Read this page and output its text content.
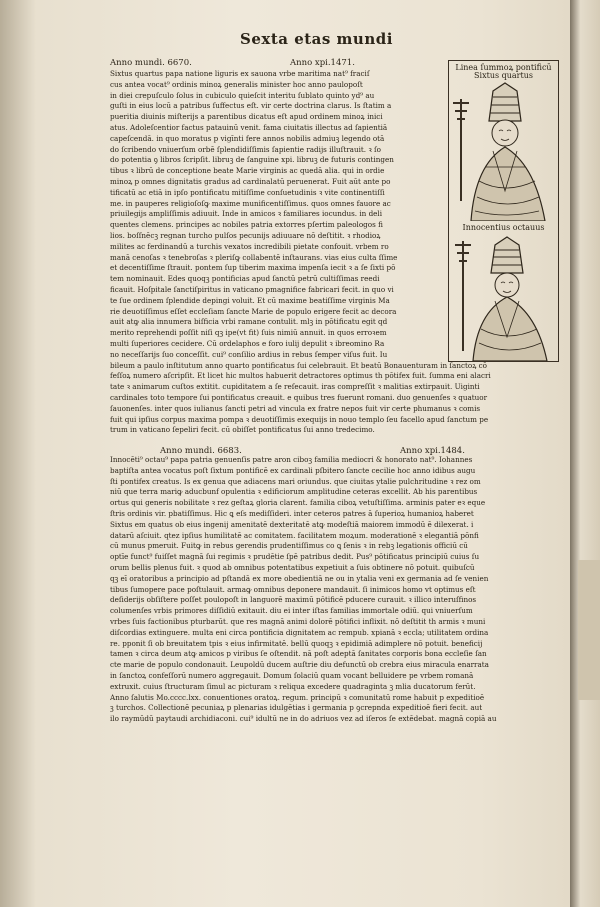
Sexta etas mundi
Anno mundi. 6670.	Anno xpi.1471.
Sixtus quartus papa natione liguris ex sauona vrbe maritima nat⁹ fraciſ
cus antea vocat⁹ ordinis minoꝝ generalis minister hoc anno paulopoſt
in diei crepuſculo ſolus in cubiculo quieſcit interitu ſublato quinto yd⁹ au
guſti in eius locū a patribus ſuffectus eſt. vir certe doctrina clarus. Is ſtatim a
pueritia diuinis miſterijs a parentibus dicatus eſt apud ordinem minoꝝ inici
atus. Adoleſcentior factus patauinū venit. fama ciuitatis illectus ad ſapientiā
capeſcendā. in quo moratus p vigīnti fere annos nobilis admiuꝫ legendo otā
do ſcribendo vniuerſum orbē ſplendidiſſimis ſapientie radijs illuſtrauit. ꝛ ſo
do potentia ꝯ libros ſcripſit. libruꝫ de ſanguine xpi. libruꝫ de futuris contingen
tibus ꝛ librū de conceptione beate Marie virginis ac quedā alia. qui in ordie
minoꝝ p omnes dignitatis gradus ad cardinalatū peruenerat. Fuit aūt ante po
tificatū ac etiā in ipſo pontificatu mitiſſime conſuetudinis ꝛ vite continentiſſi
me. in pauperes religioſoſꝙ maxime munificentiſſimus. quos omnes fauore ac
priuilegijs ampliſſimis adiuuit. Inde in amicos ꝛ familiares iocundus. in deli
quentes clemens. principes ac nobiles patria extorres pſertim paleologos fi
lios. boſſnēcꝫ regnan turcho pulſos pecunijs adiuuare nō deſtitit. ꝛ rhodioꝝ
milites ac ferdinandū a turchis vexatos incredibili pietate confouit. vrbem ro
manā cenoſas ꝛ tenebroſas ꝛ pleriſꝙ collabentē inſtaurans. vias eius culta ſſime
et decentiſſime ſtrauit. pontem ſup tiberim maxima impenſa iecit ꝛ a ſe ſixti pō
tem nominauit. Edes quoqꝫ pontificias apud ſanctū petrū cultiſſimas reedi
ficauit. Hoſpitale ſanctiſpiritus in vaticano pmagnifice fabricari fecit. in quo vi
te ſue ordinem ſplendide depingi voluit. Et cū maxime beatiſſime virginis Ma
rie deuotiſſimus eſſet eccleſiam ſancte Marie de populo erigere fecit ac decora
auit atꝙ alia innumera biſficia vrbi ramane contulit. mlꝫ in pōtificatu egit qd
merito reprehendi poſſit niſi qꝫ ipe(vt fit) ſuis nimiū annuit. in quos erroꝛem
multi ſuperiores cecidere. Cū ordelaphos e foro iulij depulit ꝛ ibreomino Ra
no neceſſarijs ſuo conceſſit. cui⁹ conſilio ardius in rebus ſemper viſus fuit. Iu
bileum a paulo inſtitutum anno quarto pontificatus ſui celebrauit. Et beatū Bonauenturam in ſanctoꝝ cō
feſſoꝝ numero aſcripſit. Et licet hic multos habuerit detractores optimus th pōtifex fuit. ſumma eni alacri
tate ꝛ animarum cuſtos extitit. cupiditatem a ſe reſecauit. iras compreſſit ꝛ malitias extirpauit. Uiginti
cardinales toto tempore ſui pontificatus creauit. e quibus tres fuerunt romani. duo genuenſes ꝛ quatuor
ſauonenſes. inter quos iulianus ſancti petri ad vincula ex fratre nepos fuit vir certe phumanus ꝛ comis
fuit qui ipſius corpus maxima pompa ꝛ deuotiſſimis exequijs in nouo templo ſeu facello apud ſanctum pe
trum in vaticano ſepeliri fecit. cū obiſſet pontificatus ſui anno tredecimo.
Anno mundi. 6683.	Anno xpi.1484.
Innocēti⁹ octau⁹ papa patria genuenſis patre aron ciboꝫ familia mediocri & honorato nat⁹. Iohannes
baptiſta antea vocatus poſt ſixtum pontificē ex cardinali pſbitero ſancte cecilie hoc anno idibus augu
ſti pontifex creatus. Is ex genua que adiacens mari oriundus. que ciuitas ytalie pulchritudine ꝛ rez om
niū que terra mariꝙ aducbunf opulentia ꝛ edificiorum amplitudine ceteras excellit. Ab his parentibus
ortus qui generis nobilitate ꝛ rez geſtaꝝ gloria clarent. familia ciboꝝ vetuſtiſſima. arminis pater eꝛ eque
ſtris ordinis vir. pbatiſſimus. Hic ꝗ eſs mediſſideri. inter ceteros patres ā ſuperioꝝ humanioꝝ haberet
Sixtus em quatus ob eius ingenij amenitatē dexteritatē atꝙ modeſtiā maiorem immodū ē dilexerat. i
datarū aſciuit. qtez ipſius humilitatē ac comitatem. facilitatem moꝝum. moderationē ꝛ elegantiā pōnfi
cū munus pmeruit. Fuitꝙ in rebus gerendis prudentiſſimus co ꝗ ſenis ꝛ in rebꝫ legationis officiū cū
optīe funct⁹ fuiſſet magnā ſui regimis ꝛ prudētie ſpē patribus dedit. Pus⁹ pōtificatus principiū cuius ſu
orum bellis plenus fuit. ꝛ quod ab omnibus potentatibus expetiuit a ſuis obtinere nō potuit. quibuſcū
qꝫ eī oratoribus a principio ad pſtandā ex more obedientiā ne ou in ytalia veni ex germania ad ſe venien
tibus ſumopere pace poſtulauit. armaꝙ omnibus deponere mandauit. ſi inimicos homo vt optimus eſt
deſiderijs obſiſtere poſſet poulopoſt in languorē maximū pōtificē pducere curauit. ꝛ illico interuſfinos
columenſes vrbis primores diſſidiū exitauit. diu ei inter iſtas familias immortale odiū. qui vniuerſum
vrbes ſuis factionibus pturbarūt. que res magnā animi dolorē pōtifici inflixit. nō deſtitit th armis ꝛ muni
diſcordias extinguere. multa eni circa pontificia dignitatem ac rempub. xpianā ꝛ eccla; utilitatem ordina
re. pponit ſi ob breuitatem tpis ꝛ eius infirmitatē. bellū quoqꝫ ꝛ epidimiā adimplere nō potuit. beneficij
tamen ꝛ circa deum atꝙ amicos p viribus ſe oſtendit. nā poſt adeptā ſanitates corporis bona eccleſie ſan
cte marie de populo condonauit. Leupoldū ducem auſtrie diu defunctū ob crebra eius miracula enarrata
in ſanctoꝝ confeſſorū numero aggregauit. Domum ſolaciū quam vocant belluidere pe vrbem romanā
extruxit. cuius ſtructuram ſimul ac picturam ꝛ reliqua excedere quadraginta ꝫ mlia ducatorum ferūt.
Anno ſalutis Mo.cccc.lxx. conuentiones oratoꝝ. regum. principū ꝛ comunitatū rome habuit p expeditioē
ꝫ turchos. Collectionē pecuniaꝝ p plenarias idulgētias i germania p ꝯcrepnda expeditioē fieri fecit. aut
ilo raymūdū paytaudi archidiaconi. cui⁹ idultū ne in do adriuos vez ad iſeros ſe extēdebat. magnā copiā au
Linea ſummoꝝ pontificū
Sixtus quartus
Innocentius octauus
